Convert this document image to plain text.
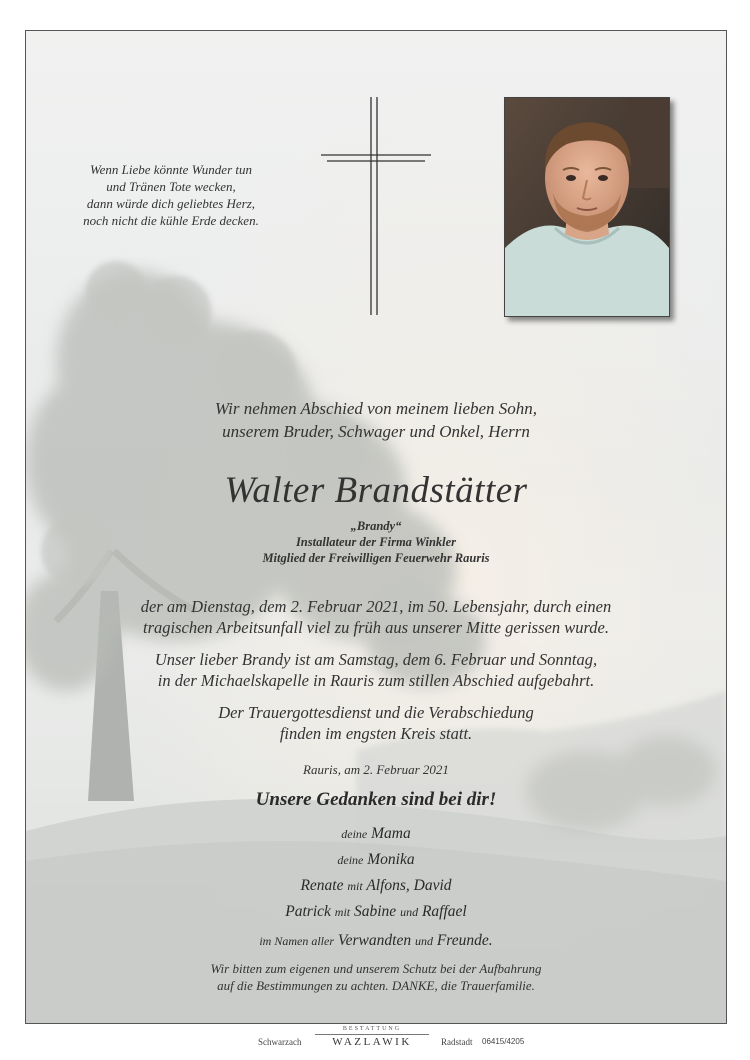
Wenn Liebe könnte Wunder tun
und Tränen Tote wecken,
dann würde dich geliebtes Herz,
noch nicht die kühle Erde decken.
Wir nehmen Abschied von meinem lieben Sohn,
unserem Bruder, Schwager und Onkel, Herrn
Walter Brandstätter
„Brandy“
Installateur der Firma Winkler
Mitglied der Freiwilligen Feuerwehr Rauris

der am Dienstag, dem 2. Februar 2021, im 50. Lebensjahr, durch einen
tragischen Arbeitsunfall viel zu früh aus unserer Mitte gerissen wurde.

Unser lieber Brandy ist am Samstag, dem 6. Februar und Sonntag,
in der Michaelskapelle in Rauris zum stillen Abschied aufgebahrt.

Der Trauergottesdienst und die Verabschiedung
finden im engsten Kreis statt.

Rauris, am 2. Februar 2021
Unsere Gedanken sind bei dir!
deine Mama
deine Monika
Renate mit Alfons, David
Patrick mit Sabine und Raffael
im Namen aller Verwandten und Freunde.
Wir bitten zum eigenen und unserem Schutz bei der Aufbahrung
auf die Bestimmungen zu achten. DANKE, die Trauerfamilie.
Schwarzach
BESTATTUNG
WAZLAWIK	Radstadt 06415/4205
